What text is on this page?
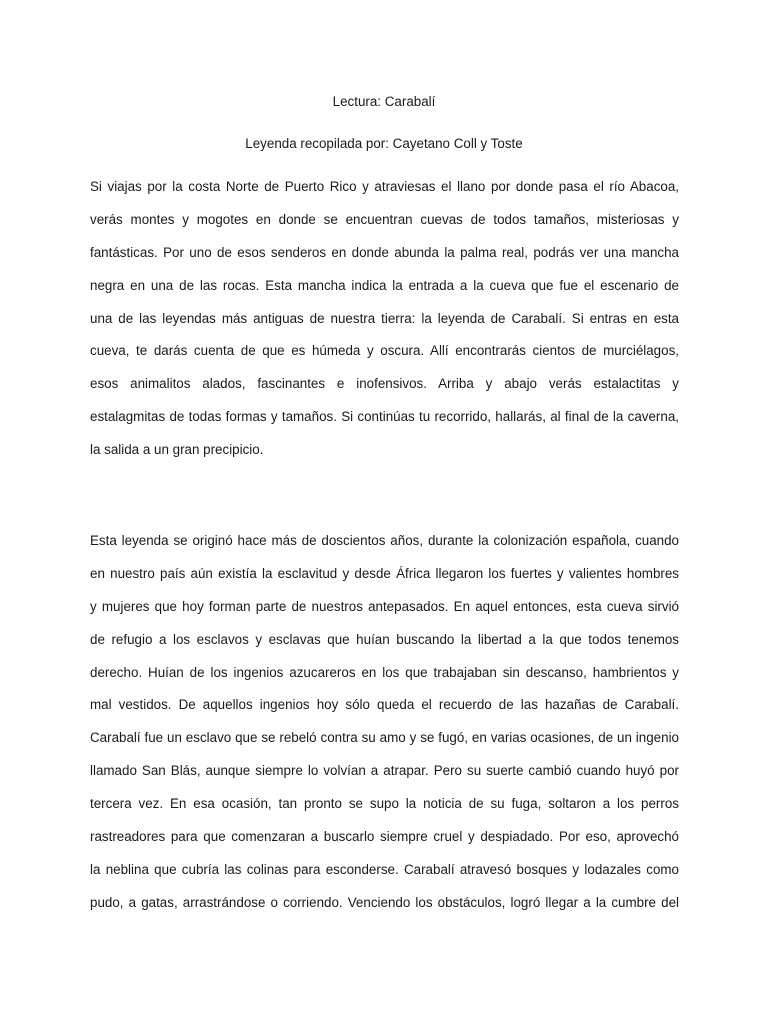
Lectura: Carabalí

Leyenda recopilada por: Cayetano Coll y Toste

Si viajas por la costa Norte de Puerto Rico y atraviesas el llano por donde pasa el río Abacoa,
verás montes y mogotes en donde se encuentran cuevas de todos tamaños, misteriosas y
fantásticas. Por uno de esos senderos en donde abunda la palma real, podrás ver una mancha
negra en una de las rocas. Esta mancha indica la entrada a la cueva que fue el escenario de
una de las leyendas más antiguas de nuestra tierra: la leyenda de Carabalí. Si entras en esta
cueva, te darás cuenta de que es húmeda y oscura. Allí encontrarás cientos de murciélagos,
esos animalitos alados, fascinantes e inofensivos. Arriba y abajo verás estalactitas y
estalagmitas de todas formas y tamaños. Si continúas tu recorrido, hallarás, al final de la caverna,
la salida a un gran precipicio.
Esta leyenda se originó hace más de doscientos años, durante la colonización española, cuando
en nuestro país aún existía la esclavitud y desde África llegaron los fuertes y valientes hombres
y mujeres que hoy forman parte de nuestros antepasados. En aquel entonces, esta cueva sirvió
de refugio a los esclavos y esclavas que huían buscando la libertad a la que todos tenemos
derecho. Huían de los ingenios azucareros en los que trabajaban sin descanso, hambrientos y
mal vestidos. De aquellos ingenios hoy sólo queda el recuerdo de las hazañas de Carabalí.
Carabalí fue un esclavo que se rebeló contra su amo y se fugó, en varias ocasiones, de un ingenio
llamado San Blás, aunque siempre lo volvían a atrapar. Pero su suerte cambió cuando huyó por
tercera vez. En esa ocasión, tan pronto se supo la noticia de su fuga, soltaron a los perros
rastreadores para que comenzaran a buscarlo siempre cruel y despiadado. Por eso, aprovechó
la neblina que cubría las colinas para esconderse. Carabalí atravesó bosques y lodazales como
pudo, a gatas, arrastrándose o corriendo. Venciendo los obstáculos, logró llegar a la cumbre del
